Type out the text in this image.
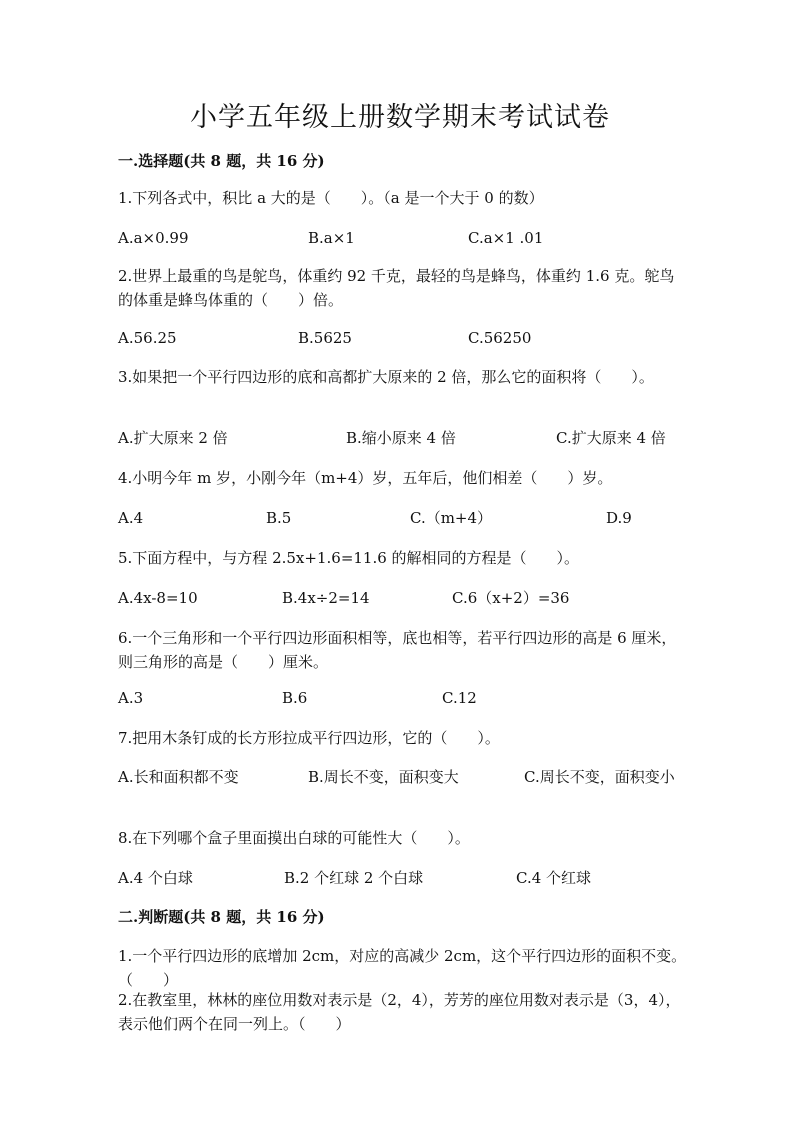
小学五年级上册数学期末考试试卷
一.选择题(共 8 题，共 16 分)
1.下列各式中，积比 a 大的是（　　）。（a 是一个大于 0 的数）
A.a×0.99	B.a×1	C.a×1 .01
2.世界上最重的鸟是鸵鸟，体重约 92 千克，最轻的鸟是蜂鸟，体重约 1.6 克。鸵鸟的体重是蜂鸟体重的（　　）倍。
A.56.25	B.5625	C.56250
3.如果把一个平行四边形的底和高都扩大原来的 2 倍，那么它的面积将（　　）。
A.扩大原来 2 倍	B.缩小原来 4 倍	C.扩大原来 4 倍
4.小明今年 m 岁，小刚今年（m+4）岁，五年后，他们相差（　　）岁。
A.4	B.5	C.（m+4）	D.9
5.下面方程中，与方程 2.5x+1.6=11.6 的解相同的方程是（　　）。
A.4x-8=10	B.4x÷2=14	C.6（x+2）=36
6.一个三角形和一个平行四边形面积相等，底也相等，若平行四边形的高是 6 厘米，则三角形的高是（　　）厘米。
A.3	B.6	C.12
7.把用木条钉成的长方形拉成平行四边形，它的（　　）。
A.长和面积都不变	B.周长不变，面积变大	C.周长不变，面积变小
8.在下列哪个盒子里面摸出白球的可能性大（　　）。
A.4 个白球	B.2 个红球 2 个白球	C.4 个红球
二.判断题(共 8 题，共 16 分)
1.一个平行四边形的底增加 2cm，对应的高减少 2cm，这个平行四边形的面积不变。（　　）
2.在教室里，林林的座位用数对表示是（2，4），芳芳的座位用数对表示是（3，4），表示他们两个在同一列上。（　　）
